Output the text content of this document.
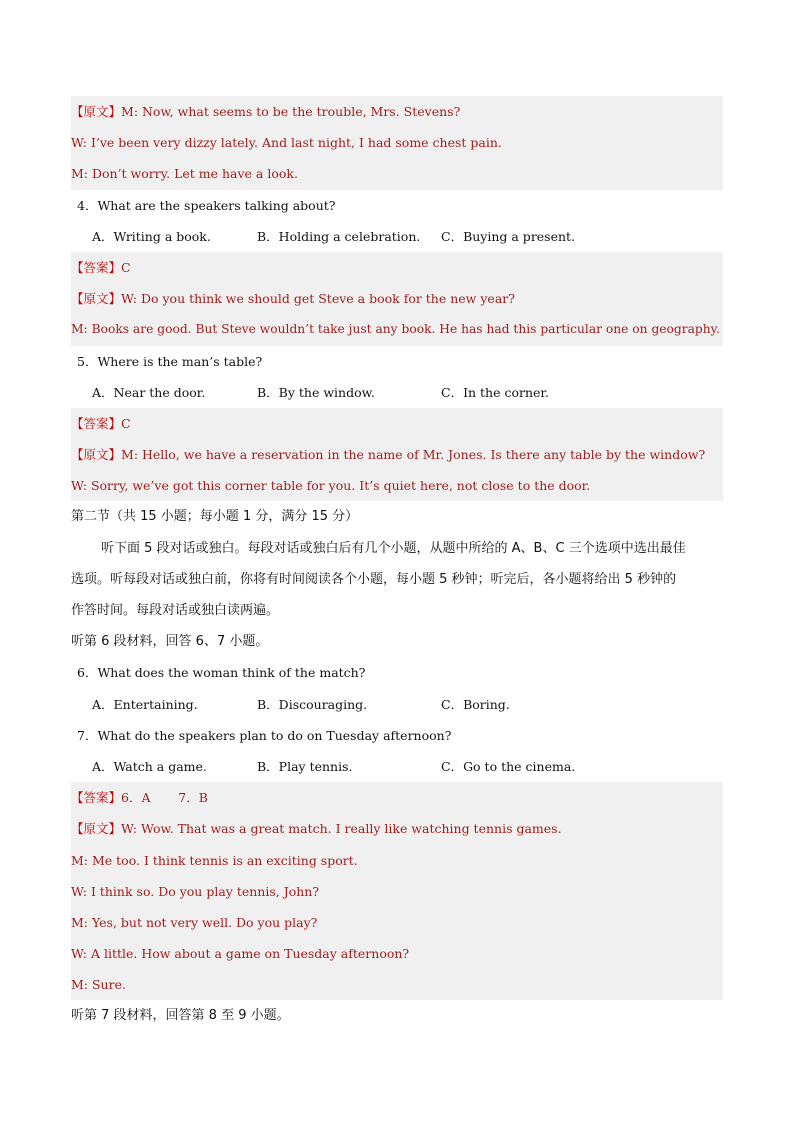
【原文】M: Now, what seems to be the trouble, Mrs. Stevens?
W: I’ve been very dizzy lately. And last night, I had some chest pain.
M: Don’t worry. Let me have a look.
4．What are the speakers talking about?
A．Writing a book.	B．Holding a celebration. C．Buying a present.
【答案】C
【原文】W: Do you think we should get Steve a book for the new year?
M: Books are good. But Steve wouldn’t take just any book. He has had this particular one on geography.
5．Where is the man’s table?
A．Near the door.	B．By the window.	C．In the corner.
【答案】C
【原文】M: Hello, we have a reservation in the name of Mr. Jones. Is there any table by the window?
W: Sorry, we’ve got this corner table for you. It’s quiet here, not close to the door.
第二节（共 15 小题；每小题 1 分，满分 15 分）
听下面 5 段对话或独白。每段对话或独白后有几个小题，从题中所给的 A、B、C 三个选项中选出最佳
选项。听每段对话或独白前，你将有时间阅读各个小题，每小题 5 秒钟；听完后，各小题将给出 5 秒钟的
作答时间。每段对话或独白读两遍。
听第 6 段材料，回答 6、7 小题。
6．What does the woman think of the match?
A．Entertaining.	B．Discouraging.	C．Boring.
7．What do the speakers plan to do on Tuesday afternoon?
A．Watch a game.	B．Play tennis.	C．Go to the cinema.
【答案】6．A       7．B
【原文】W: Wow. That was a great match. I really like watching tennis games.
M: Me too. I think tennis is an exciting sport.
W: I think so. Do you play tennis, John?
M: Yes, but not very well. Do you play?
W: A little. How about a game on Tuesday afternoon?
M: Sure.
听第 7 段材料，回答第 8 至 9 小题。
